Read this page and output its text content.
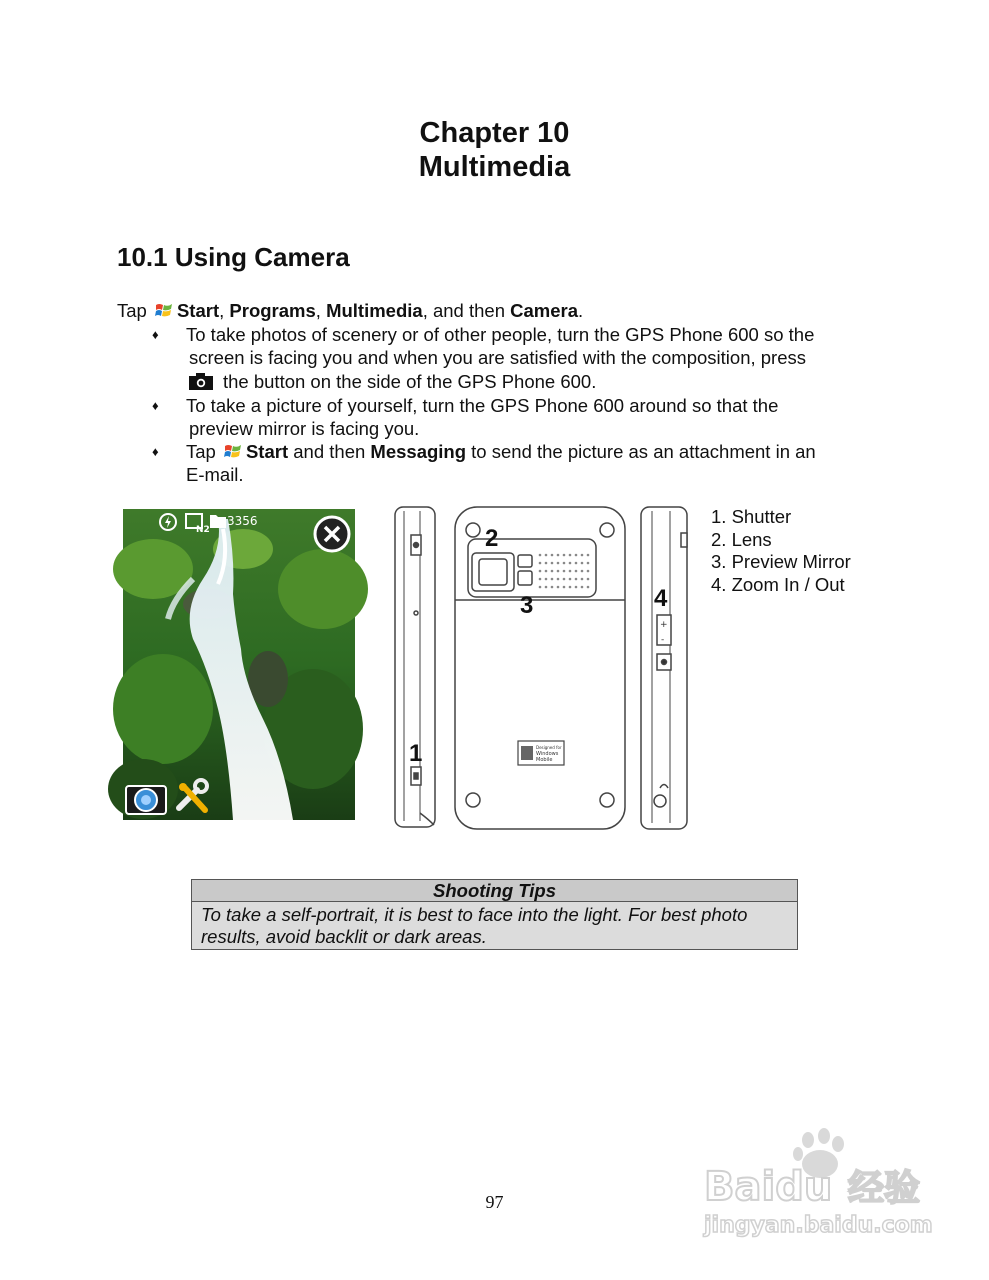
Chapter 10
Multimedia
10.1 Using Camera
Tap Start, Programs, Multimedia, and then Camera.
♦ To take photos of scenery or of other people, turn the GPS Phone 600 so the
screen is facing you and when you are satisfied with the composition, press
the button on the side of the GPS Phone 600.
♦ To take a picture of yourself, turn the GPS Phone 600 around so that the
preview mirror is facing you.
♦ Tap Start and then Messaging to send the picture as an attachment in an
E-mail.
N2
3356
Designed for
Windows
Mobile
+
-
2
3	4
1
1. Shutter
2. Lens
3. Preview Mirror
4. Zoom In / Out
Shooting Tips
To take a self-portrait, it is best to face into the light. For best photo
results, avoid backlit or dark areas.
97	Baidu 经验
jingyan.baidu.com
